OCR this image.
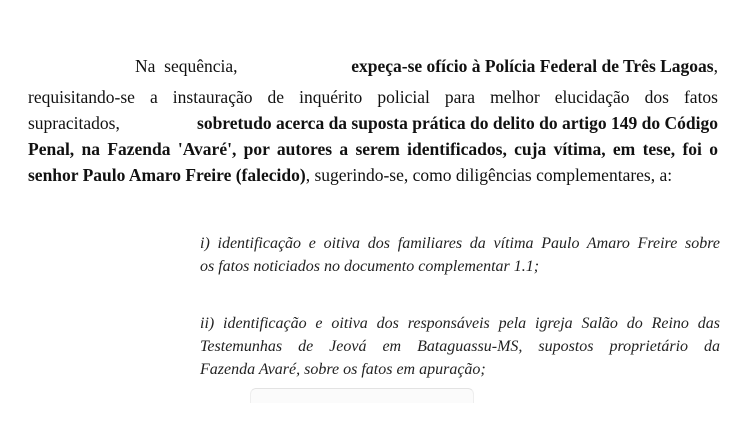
Na  sequência,	expeça-se ofício à Polícia Federal de Três Lagoas,
requisitando-se a instauração de inquérito policial para melhor elucidação dos fatos
supracitados,	sobretudo acerca da suposta prática do delito do artigo 149 do Código
Penal, na Fazenda 'Avaré', por autores a serem identificados, cuja vítima, em tese, foi o
senhor Paulo Amaro Freire (falecido), sugerindo-se, como diligências complementares, a:
i) identificação e oitiva dos familiares da vítima Paulo Amaro Freire sobre
os fatos noticiados no documento complementar 1.1;
ii) identificação e oitiva dos responsáveis pela igreja Salão do Reino das
Testemunhas de Jeová em Bataguassu-MS, supostos proprietário da
Fazenda Avaré, sobre os fatos em apuração;
